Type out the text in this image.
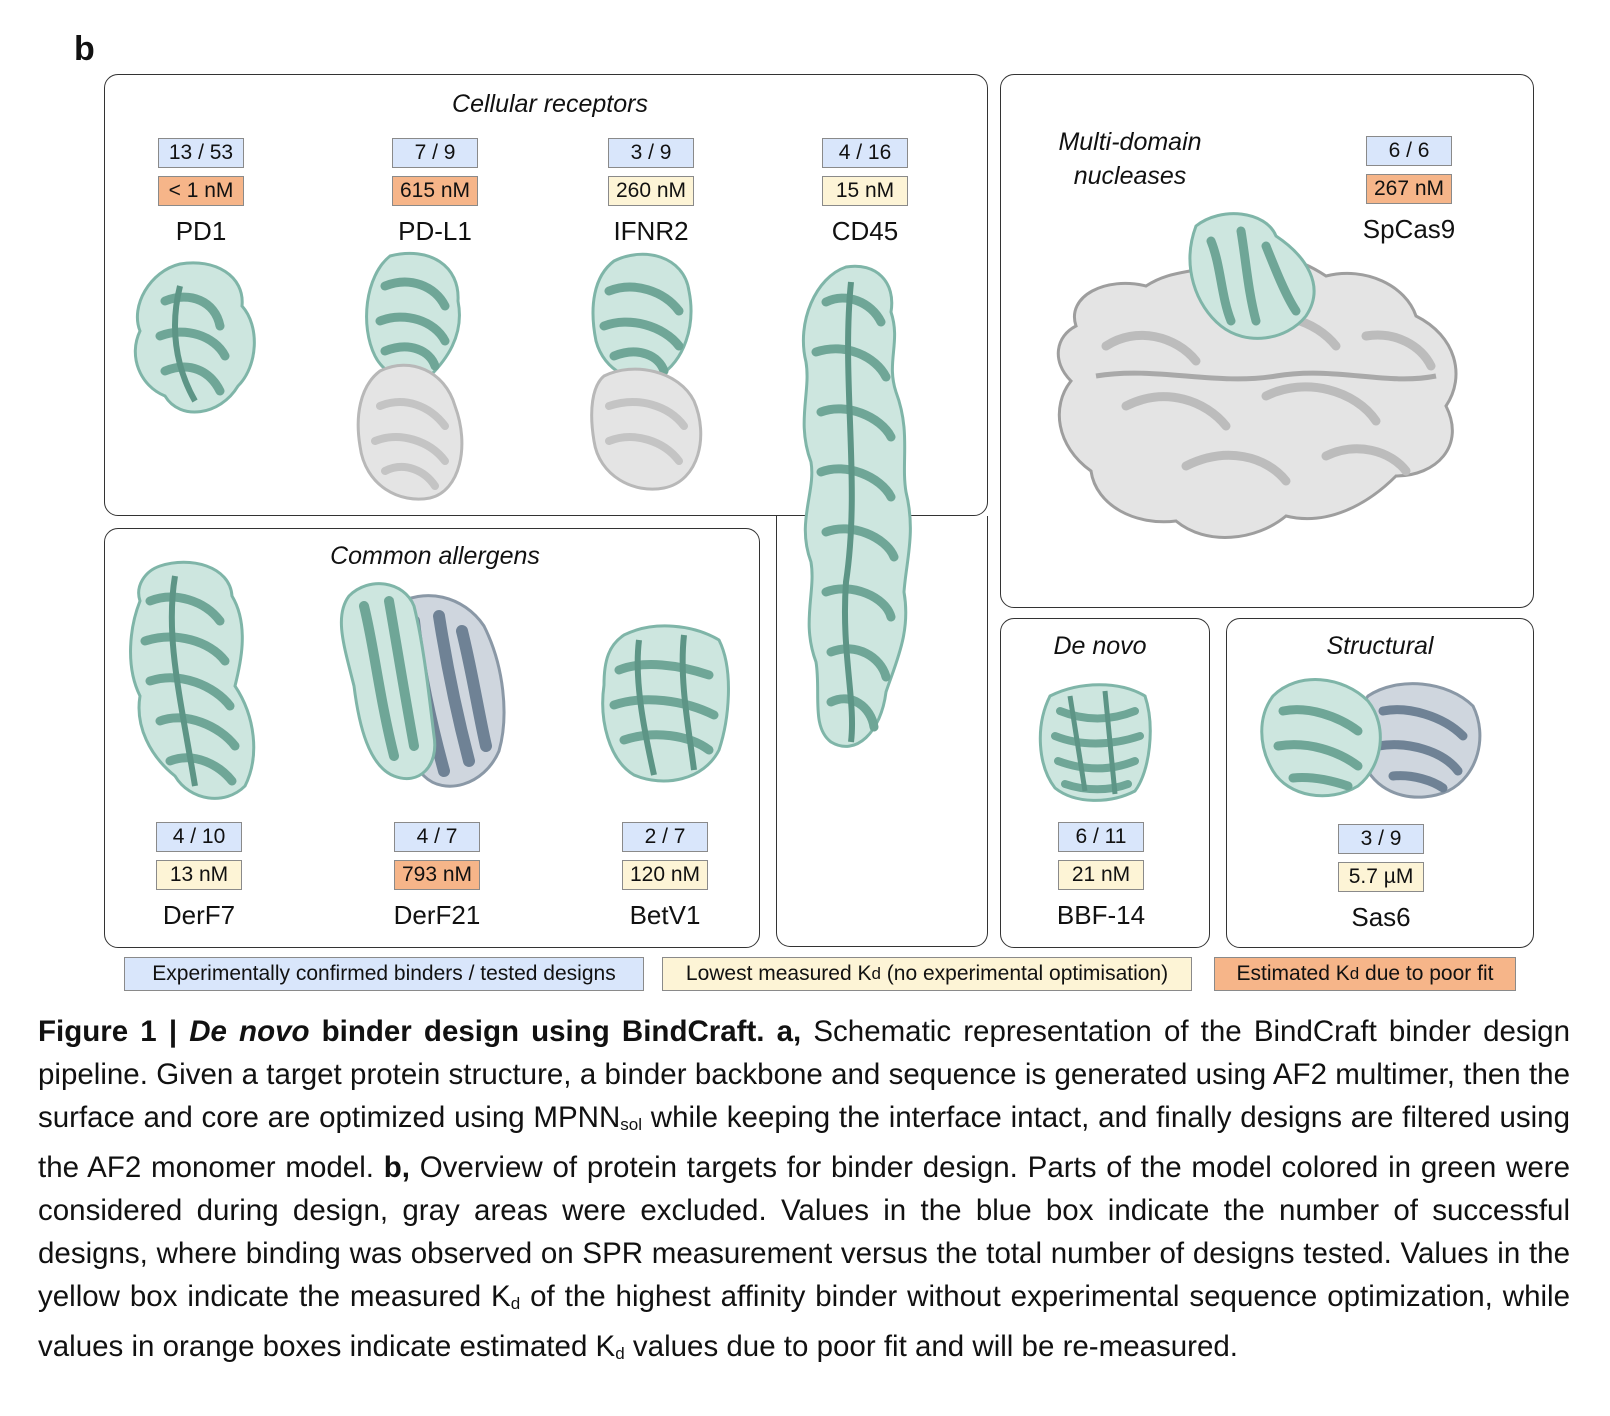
b
Cellular receptors
Common allergens
Multi-domain
nucleases
De novo	Structural
13 / 53
< 1 nM
PD1
7 / 9
615 nM
PD-L1
3 / 9
260 nM
IFNR2
4 / 16
15 nM
CD45
6 / 6
267 nM
SpCas9
4 / 10
13 nM
DerF7
4 / 7
793 nM
DerF21
2 / 7
120 nM
BetV1
6 / 11
21 nM
BBF-14
3 / 9
5.7 µM
Sas6
Experimentally confirmed binders / tested designs	Lowest measured K d (no experimental optimisation)	Estimated K d due to poor fit
Figure 1 | De novo binder design using BindCraft. a, Schematic representation of the BindCraft binder design pipeline. Given a target protein structure, a binder backbone and sequence is generated using AF2 multimer, then the surface and core are optimized using $MPNN_{sol}$ while keeping the interface intact, and finally designs are filtered using the AF2 monomer model. b, Overview of protein targets for binder design. Parts of the model colored in green were considered during design, gray areas were excluded. Values in the blue box indicate the number of successful designs, where binding was observed on SPR measurement versus the total number of designs tested. Values in the yellow box indicate the measured $K_d$ of the highest affinity binder without experimental sequence optimization, while values in orange boxes indicate estimated $K_d$ values due to poor fit and will be re-measured.
